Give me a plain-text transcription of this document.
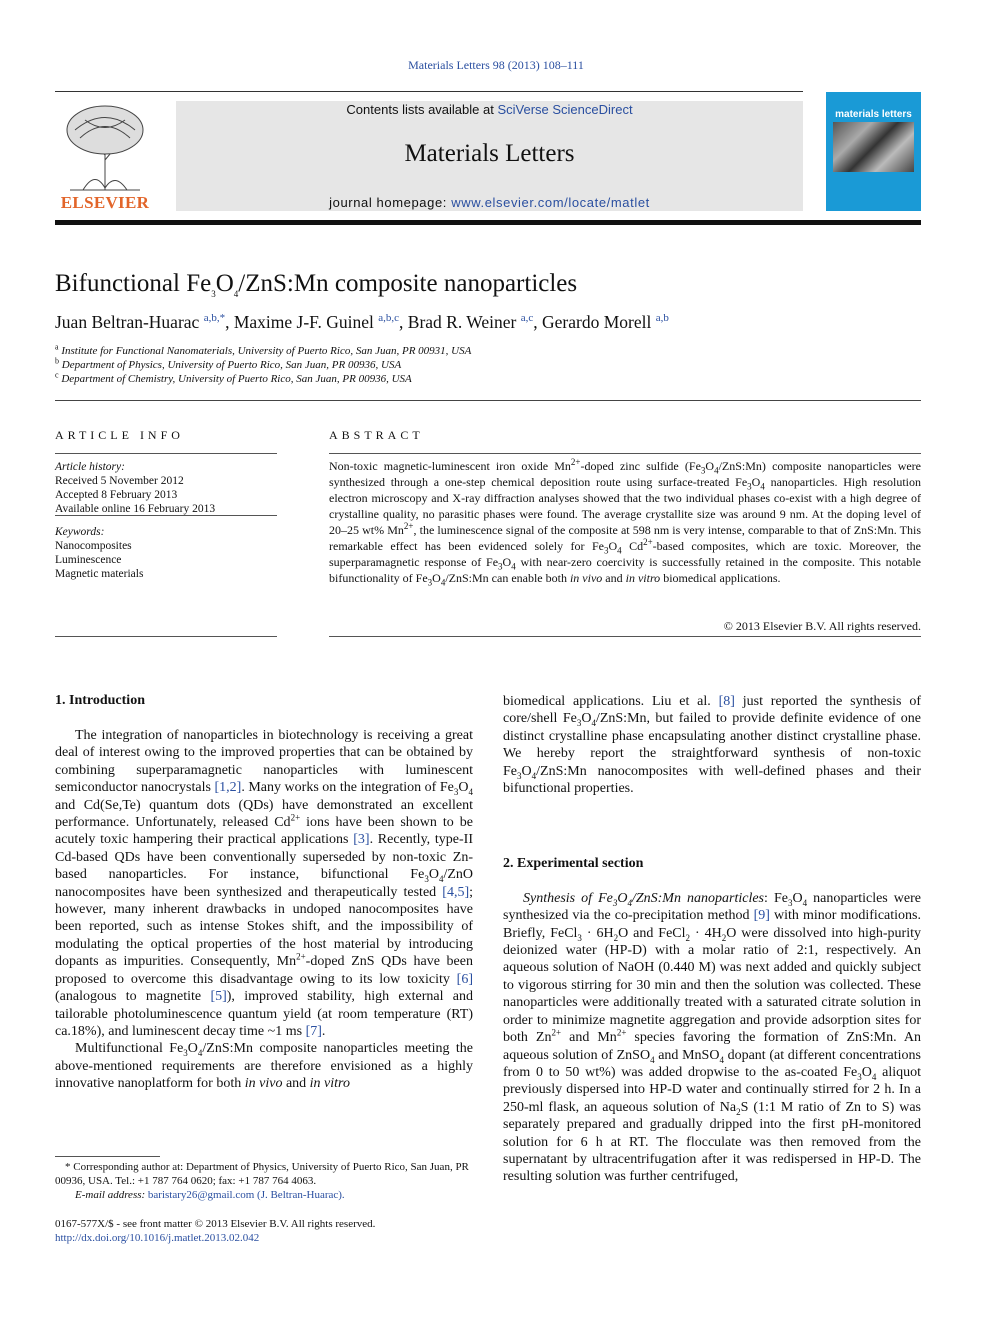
Materials Letters 98 (2013) 108–111
ELSEVIER
Contents lists available at SciVerse ScienceDirect
Materials Letters
journal homepage: www.elsevier.com/locate/matlet
materials letters
Bifunctional $Fe_3O_4/ZnS:Mn$ composite nanoparticles
Juan Beltran-Huarac $^{a,b,*}$, Maxime J-F. Guinel $^{a,b,c}$, Brad R. Weiner $^{a,c}$, Gerardo Morell $^{a,b}$
$^a$ Institute for Functional Nanomaterials, University of Puerto Rico, San Juan, PR 00931, USA
$^b$ Department of Physics, University of Puerto Rico, San Juan, PR 00936, USA
$^c$ Department of Chemistry, University of Puerto Rico, San Juan, PR 00936, USA
ARTICLE INFO
Article history:
Received 5 November 2012
Accepted 8 February 2013
Available online 16 February 2013
Keywords:
Nanocomposites
Luminescence
Magnetic materials
ABSTRACT
Non-toxic magnetic-luminescent iron oxide $Mn^{2+}$-doped zinc sulfide $(Fe_3O_4/ZnS:Mn)$ composite nanoparticles were synthesized through a one-step chemical deposition route using surface-treated $Fe_3O_4$ nanoparticles. High resolution electron microscopy and X-ray diffraction analyses showed that the two individual phases co-exist with a high degree of crystalline quality, no parasitic phases were found. The average crystallite size was around 9 nm. At the doping level of 20–25 wt% $Mn^{2+}$, the luminescence signal of the composite at 598 nm is very intense, comparable to that of ZnS:Mn. This remarkable effect has been evidenced solely for $Fe_3O_4$ $Cd^{2+}$-based composites, which are toxic. Moreover, the superparamagnetic response of $Fe_3O_4$ with near-zero coercivity is successfully retained in the composite. This notable bifunctionality of $Fe_3O_4/ZnS:Mn$ can enable both in vivo and in vitro biomedical applications.
© 2013 Elsevier B.V. All rights reserved.
1. Introduction

The integration of nanoparticles in biotechnology is receiving a great deal of interest owing to the improved properties that can be obtained by combining superparamagnetic nanoparticles with luminescent semiconductor nanocrystals [1,2]. Many works on the integration of $Fe_3O_4$ and Cd(Se,Te) quantum dots (QDs) have demonstrated an excellent performance. Unfortunately, released $Cd^{2+}$ ions have been shown to be acutely toxic hampering their practical applications [3]. Recently, type-II Cd-based QDs have been conventionally superseded by non-toxic Zn-based nanoparticles. For instance, bifunctional $Fe_3O_4$/ZnO nanocomposites have been synthesized and therapeutically tested [4,5]; however, many inherent drawbacks in undoped nanocomposites have been reported, such as intense Stokes shift, and the impossibility of modulating the optical properties of the host material by introducing dopants as impurities. Consequently, $Mn^{2+}$-doped ZnS QDs have been proposed to overcome this disadvantage owing to its low toxicity [6] (analogous to magnetite [5]), improved stability, high external and tailorable photoluminescence quantum yield (at room temperature (RT) ca.18%), and luminescent decay time ~1 ms [7].

Multifunctional $Fe_3O_4/ZnS:Mn$ composite nanoparticles meeting the above-mentioned requirements are therefore envisioned as a highly innovative nanoplatform for both in vivo and in vitro

* Corresponding author at: Department of Physics, University of Puerto Rico, San Juan, PR 00936, USA. Tel.: +1 787 764 0620; fax: +1 787 764 4063.
E-mail address: baristary26@gmail.com (J. Beltran-Huarac).
0167-577X/$ - see front matter © 2013 Elsevier B.V. All rights reserved.
http://dx.doi.org/10.1016/j.matlet.2013.02.042

biomedical applications. Liu et al. [8] just reported the synthesis of core/shell $Fe_3O_4/ZnS:Mn$, but failed to provide definite evidence of one distinct crystalline phase encapsulating another distinct crystalline phase. We hereby report the straightforward synthesis of non-toxic $Fe_3O_4/ZnS:Mn$ nanocomposites with well-defined phases and their bifunctional properties.

2. Experimental section

Synthesis of $Fe_3O_4/ZnS:Mn$ nanoparticles: $Fe_3O_4$ nanoparticles were synthesized via the co-precipitation method [9] with minor modifications. Briefly, FeCl$_3$ · $6H_2O$ and FeCl$_2$ · $4H_2O$ were dissolved into high-purity deionized water (HP-D) with a molar ratio of 2:1, respectively. An aqueous solution of NaOH (0.440 M) was next added and quickly subject to vigorous stirring for 30 min and then the solution was collected. These nanoparticles were additionally treated with a saturated citrate solution in order to minimize magnetite aggregation and provide adsorption sites for both $Zn^{2+}$ and $Mn^{2+}$ species favoring the formation of ZnS:Mn. An aqueous solution of ZnSO$_4$ and MnSO$_4$ dopant (at different concentrations from 0 to 50 wt%) was added dropwise to the as-coated $Fe_3O_4$ aliquot previously dispersed into HP-D water and continually stirred for 2 h. In a 250-ml flask, an aqueous solution of $Na_2S$ (1:1 M ratio of Zn to S) was separately prepared and gradually dripped into the first pH-monitored solution for 6 h at RT. The flocculate was then removed from the supernatant by ultracentrifugation after it was redispersed in HP-D. The resulting solution was further centrifuged,
